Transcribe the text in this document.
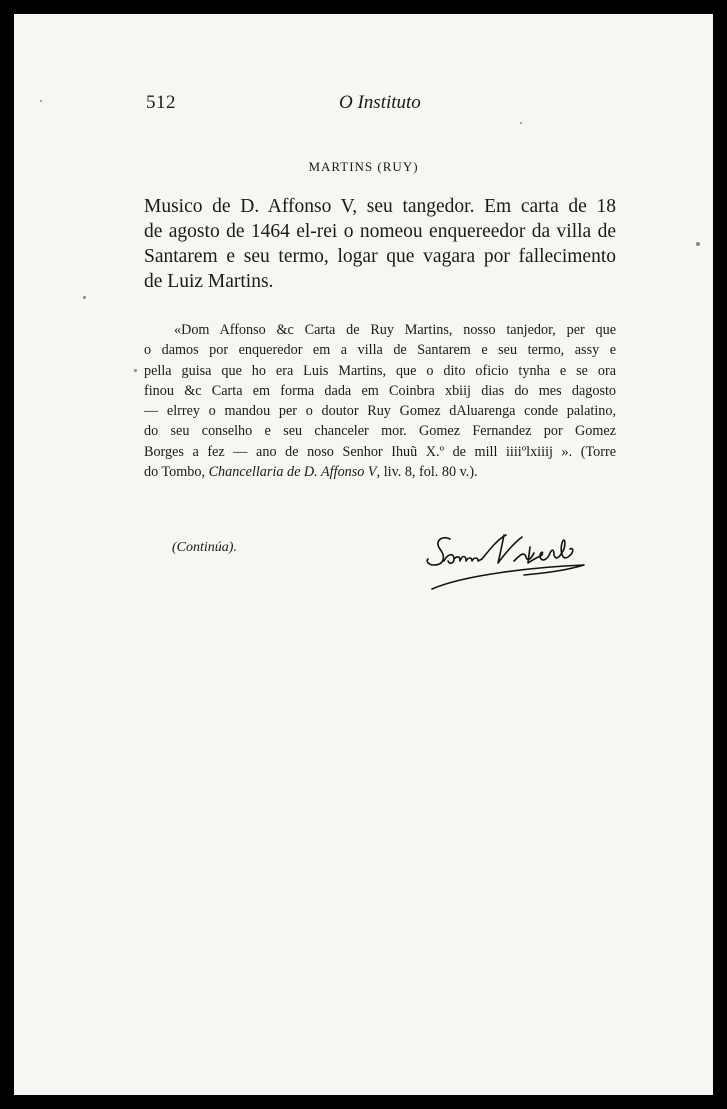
512	O Instituto
MARTINS (RUY)
Musico de D. Affonso V, seu tangedor. Em carta de 18
de agosto de 1464 el-rei o nomeou enquereedor da villa de
Santarem e seu termo, logar que vagara por fallecimento
de Luiz Martins.
«Dom Affonso &c Carta de Ruy Martins, nosso tanjedor, per que
o damos por enqueredor em a villa de Santarem e seu termo, assy e
pella guisa que ho era Luis Martins, que o dito oficio tynha e se ora
finou &c Carta em forma dada em Coinbra xbiij dias do mes dagosto
— elrrey o mandou per o doutor Ruy Gomez dAluarenga conde palatino,
do seu conselho e seu chanceler mor. Gomez Fernandez por Gomez
Borges a fez — ano de noso Senhor Ihuũ X.º de mill iiiiºlxiiij ». (Torre
do Tombo, Chancellaria de D. Affonso V, liv. 8, fol. 80 v.).
(Continúa).
